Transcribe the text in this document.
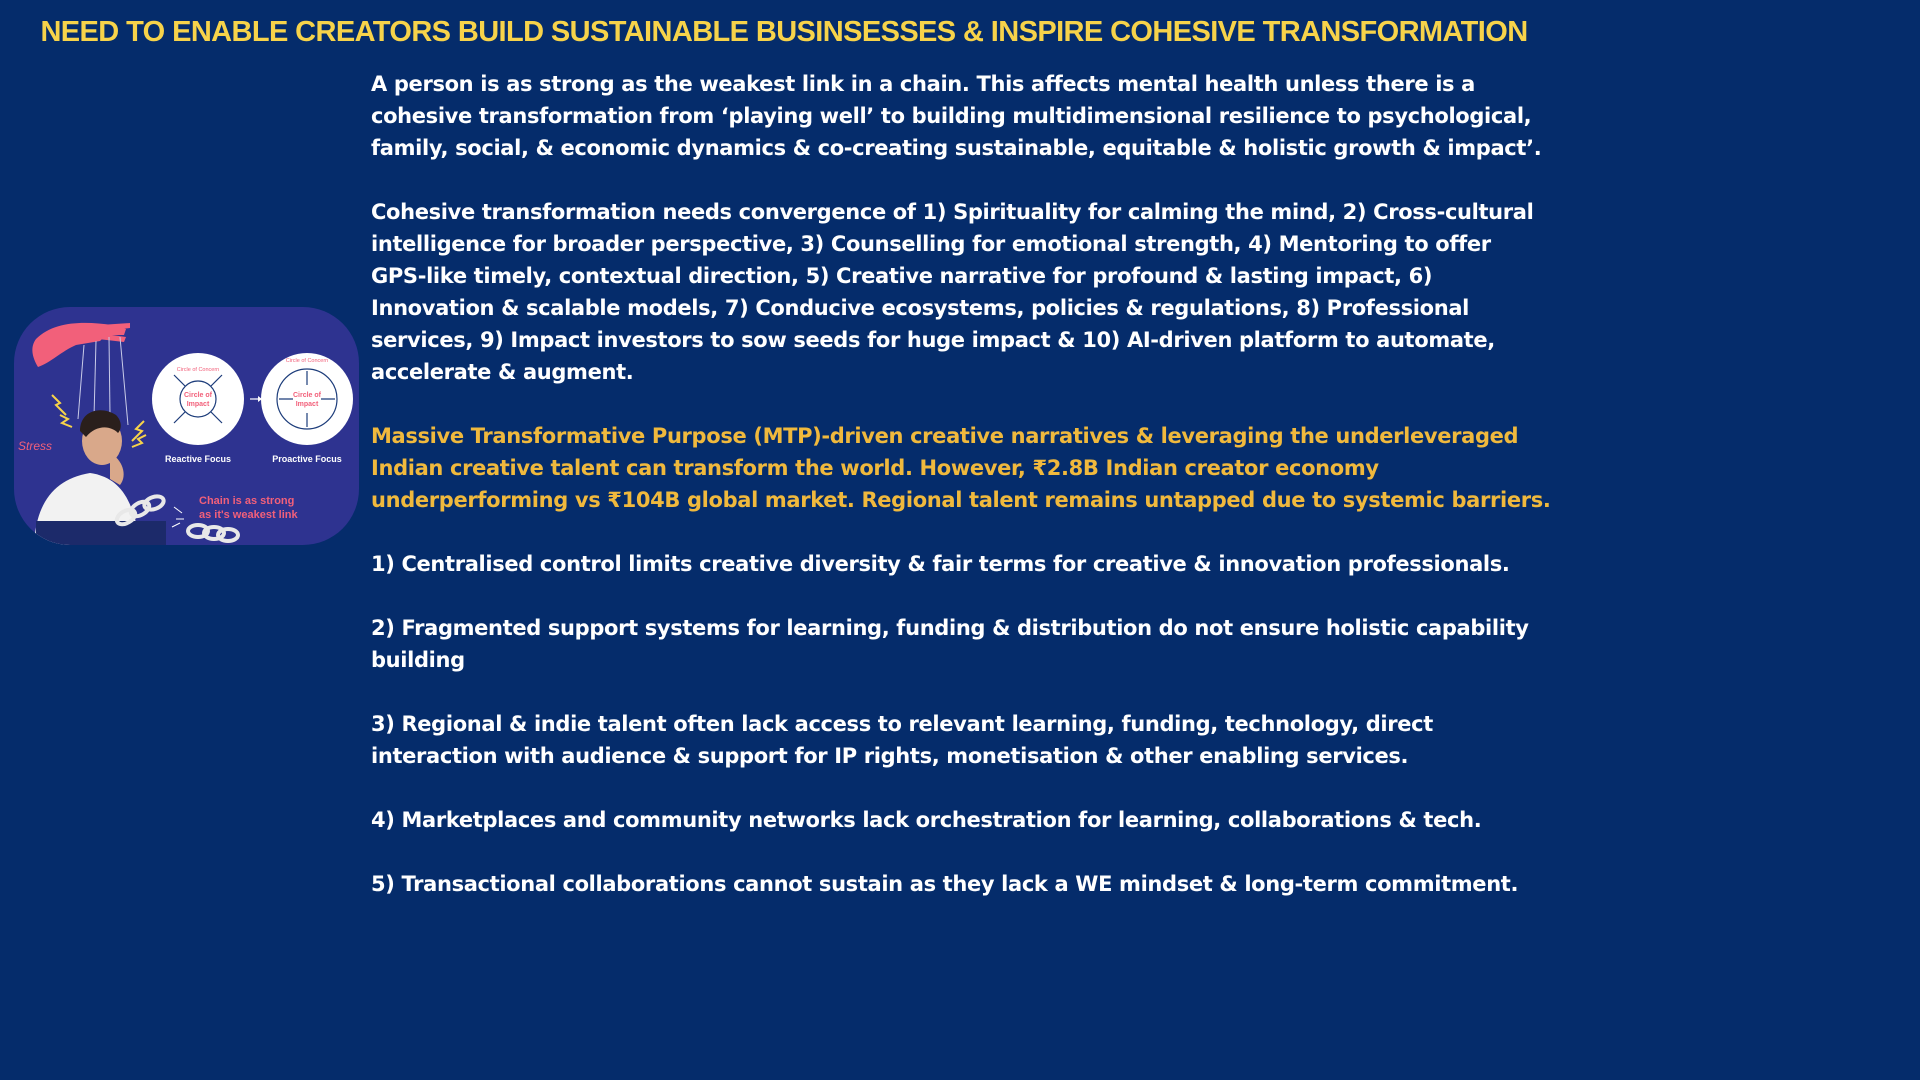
NEED TO ENABLE CREATORS BUILD SUSTAINABLE BUSINSESSES & INSPIRE COHESIVE TRANSFORMATION
Stress
Chain is as strong
as it's weakest link
Circle of Concern
Circle of
Impact
Reactive Focus
Circle of Concern
Circle of
Impact
Proactive Focus

A person is as strong as the weakest link in a chain. This affects mental health unless there is a cohesive transformation from ‘playing well’ to building multidimensional resilience to psychological, family, social, & economic dynamics & co-creating sustainable, equitable & holistic growth & impact’.

Cohesive transformation needs convergence of 1) Spirituality for calming the mind, 2) Cross-cultural intelligence for broader perspective, 3) Counselling for emotional strength, 4) Mentoring to offer GPS-like timely, contextual direction, 5) Creative narrative for profound & lasting impact, 6) Innovation & scalable models, 7) Conducive ecosystems, policies & regulations, 8) Professional services, 9) Impact investors to sow seeds for huge impact & 10) AI-driven platform to automate, accelerate & augment.

Massive Transformative Purpose (MTP)-driven creative narratives & leveraging the underleveraged Indian creative talent can transform the world. However, ₹2.8B Indian creator economy underperforming vs ₹104B global market. Regional talent remains untapped due to systemic barriers.

1) Centralised control limits creative diversity & fair terms for creative & innovation professionals.

2) Fragmented support systems for learning, funding & distribution do not ensure holistic capability building

3) Regional & indie talent often lack access to relevant learning, funding, technology, direct interaction with audience & support for IP rights, monetisation & other enabling services.

4) Marketplaces and community networks lack orchestration for learning, collaborations & tech.

5) Transactional collaborations cannot sustain as they lack a WE mindset & long-term commitment.
